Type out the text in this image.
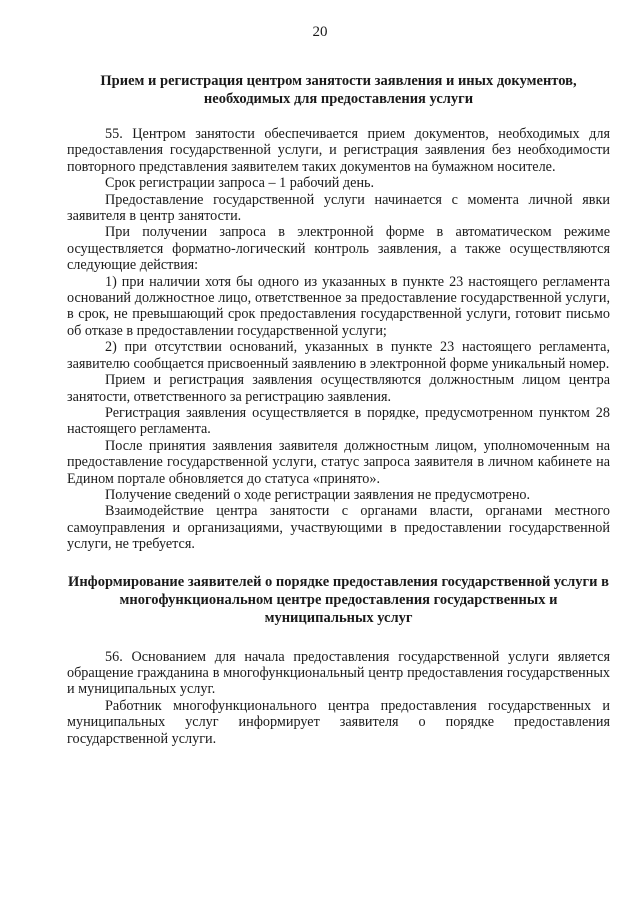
20
Прием и регистрация центром занятости заявления и иных документов, необходимых для предоставления услуги

55. Центром занятости обеспечивается прием документов, необходимых для предоставления государственной услуги, и регистрация заявления без необходимости повторного представления заявителем таких документов на бумажном носителе.

Срок регистрации запроса – 1 рабочий день.

Предоставление государственной услуги начинается с момента личной явки заявителя в центр занятости.

При получении запроса в электронной форме в автоматическом режиме осуществляется форматно-логический контроль заявления, а также осуществляются следующие действия:

1) при наличии хотя бы одного из указанных в пункте 23 настоящего регламента оснований должностное лицо, ответственное за предоставление государственной услуги, в срок, не превышающий срок предоставления государственной услуги, готовит письмо об отказе в предоставлении государственной услуги;

2) при отсутствии оснований, указанных в пункте 23 настоящего регламента, заявителю сообщается присвоенный заявлению в электронной форме уникальный номер.

Прием и регистрация заявления осуществляются должностным лицом центра занятости, ответственного за регистрацию заявления.

Регистрация заявления осуществляется в порядке, предусмотренном пунктом 28 настоящего регламента.

После принятия заявления заявителя должностным лицом, уполномоченным на предоставление государственной услуги, статус запроса заявителя в личном кабинете на Едином портале обновляется до статуса «принято».

Получение сведений о ходе регистрации заявления не предусмотрено.

Взаимодействие центра занятости с органами власти, органами местного самоуправления и организациями, участвующими в предоставлении государственной услуги, не требуется.

Информирование заявителей о порядке предоставления государственной услуги в многофункциональном центре предоставления государственных и муниципальных услуг

56. Основанием для начала предоставления государственной услуги является обращение гражданина в многофункциональный центр предоставления государственных и муниципальных услуг.

Работник многофункционального центра предоставления государственных и муниципальных услуг информирует заявителя о порядке предоставления государственной услуги.
